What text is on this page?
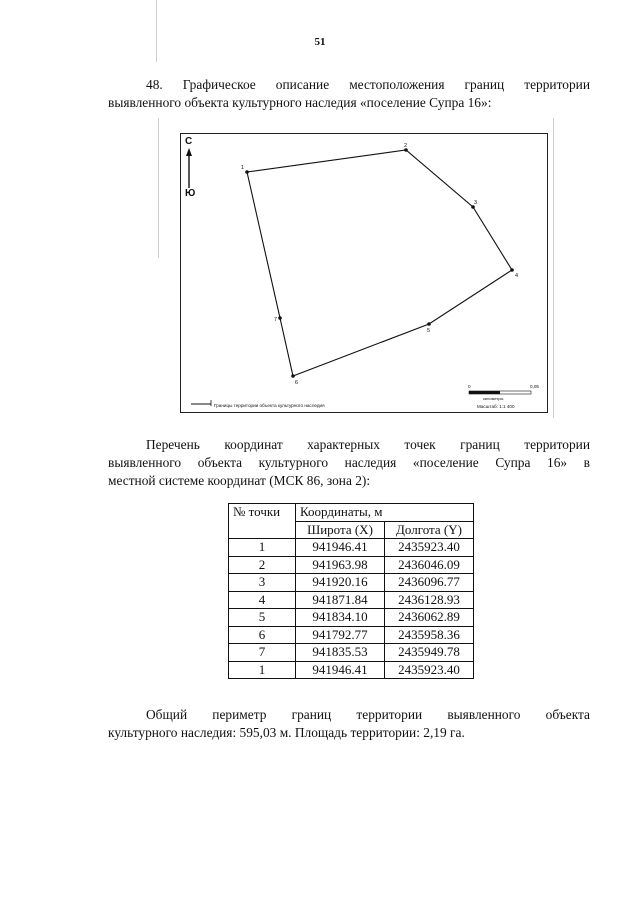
51

48. Графическое описание местоположения границ территории
выявленного объекта культурного наследия «поселение Супра 16»:

С
Ю
1
2
3
4
5
6
7
Границы территории объекта культурного наследия
0	0,05
километры
Масштаб: 1:1 400

Перечень координат характерных точек границ территории
выявленного объекта культурного наследия «поселение Супра 16» в
местной системе координат (МСК 86, зона 2):

№ точки	Координаты, м	
	Широта (X)	Долгота (Y)
1	941946.41	2435923.40
2	941963.98	2436046.09
3	941920.16	2436096.77
4	941871.84	2436128.93
5	941834.10	2436062.89
6	941792.77	2435958.36
7	941835.53	2435949.78
1	941946.41	2435923.40

Общий периметр границ территории выявленного объекта
культурного наследия: 595,03 м. Площадь территории: 2,19 га.
